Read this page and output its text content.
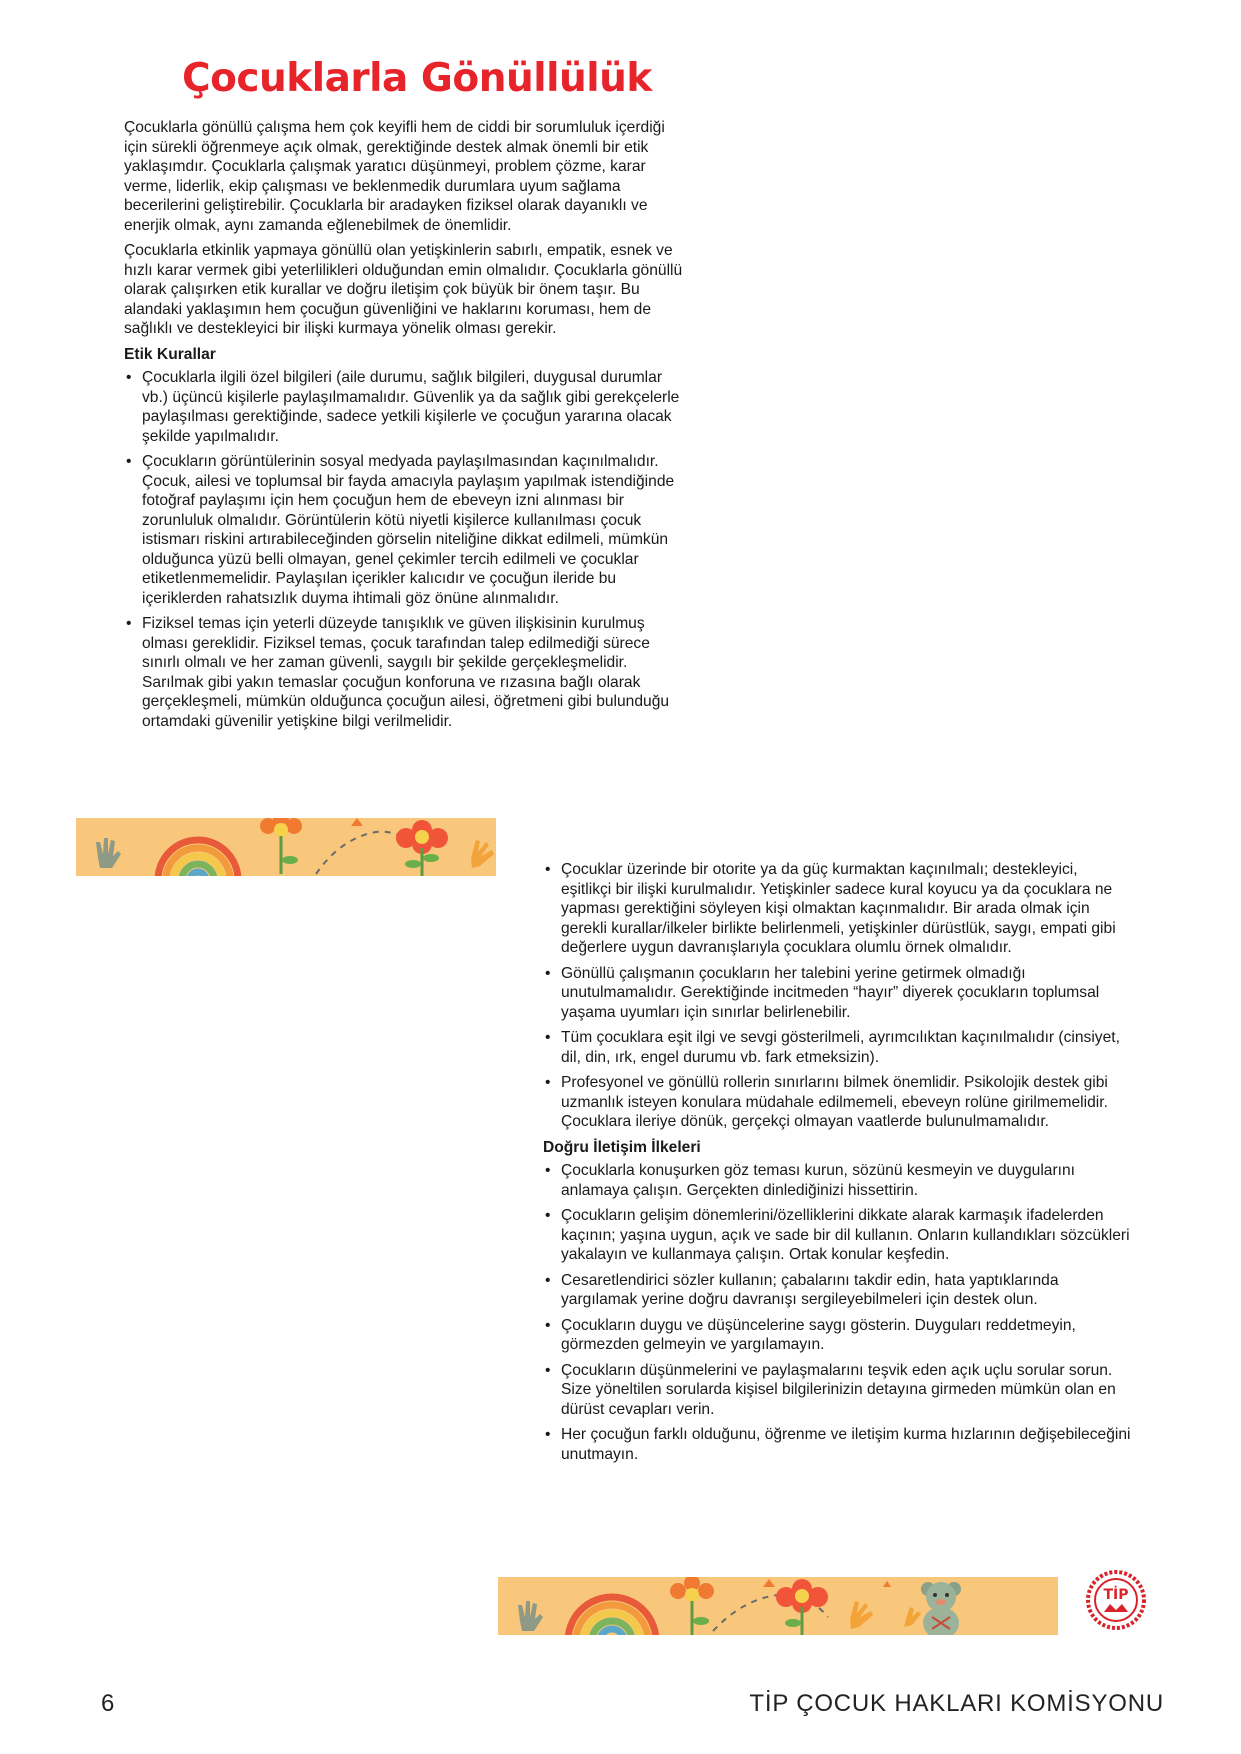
Çocuklarla Gönüllülük

Çocuklarla gönüllü çalışma hem çok keyifli hem de ciddi bir sorumluluk içerdiği için sürekli öğrenmeye açık olmak, gerektiğinde destek almak önemli bir etik yaklaşımdır. Çocuklarla çalışmak yaratıcı düşünmeyi, problem çözme, karar verme, liderlik, ekip çalışması ve beklenmedik durumlara uyum sağlama becerilerini geliştirebilir. Çocuklarla bir aradayken fiziksel olarak dayanıklı ve enerjik olmak, aynı zamanda eğlenebilmek de önemlidir.

Çocuklarla etkinlik yapmaya gönüllü olan yetişkinlerin sabırlı, empatik, esnek ve hızlı karar vermek gibi yeterlilikleri olduğundan emin olmalıdır. Çocuklarla gönüllü olarak çalışırken etik kurallar ve doğru iletişim çok büyük bir önem taşır. Bu alandaki yaklaşımın hem çocuğun güvenliğini ve haklarını koruması, hem de sağlıklı ve destekleyici bir ilişki kurmaya yönelik olması gerekir.

Etik Kurallar

• Çocuklarla ilgili özel bilgileri (aile durumu, sağlık bilgileri, duygusal durumlar vb.) üçüncü kişilerle paylaşılmamalıdır. Güvenlik ya da sağlık gibi gerekçelerle paylaşılması gerektiğinde, sadece yetkili kişilerle ve çocuğun yararına olacak şekilde yapılmalıdır.
• Çocukların görüntülerinin sosyal medyada paylaşılmasından kaçınılmalıdır. Çocuk, ailesi ve toplumsal bir fayda amacıyla paylaşım yapılmak istendiğinde fotoğraf paylaşımı için hem çocuğun hem de ebeveyn izni alınması bir zorunluluk olmalıdır. Görüntülerin kötü niyetli kişilerce kullanılması çocuk istismarı riskini artırabileceğinden görselin niteliğine dikkat edilmeli, mümkün olduğunca yüzü belli olmayan, genel çekimler tercih edilmeli ve çocuklar etiketlenmemelidir. Paylaşılan içerikler kalıcıdır ve çocuğun ileride bu içeriklerden rahatsızlık duyma ihtimali göz önüne alınmalıdır.
• Fiziksel temas için yeterli düzeyde tanışıklık ve güven ilişkisinin kurulmuş olması gereklidir. Fiziksel temas, çocuk tarafından talep edilmediği sürece sınırlı olmalı ve her zaman güvenli, saygılı bir şekilde gerçekleşmelidir. Sarılmak gibi yakın temaslar çocuğun konforuna ve rızasına bağlı olarak gerçekleşmeli, mümkün olduğunca çocuğun ailesi, öğretmeni gibi bulunduğu ortamdaki güvenilir yetişkine bilgi verilmelidir.
• Çocuklar üzerinde bir otorite ya da güç kurmaktan kaçınılmalı; destekleyici, eşitlikçi bir ilişki kurulmalıdır. Yetişkinler sadece kural koyucu ya da çocuklara ne yapması gerektiğini söyleyen kişi olmaktan kaçınmalıdır. Bir arada olmak için gerekli kurallar/ilkeler birlikte belirlenmeli, yetişkinler dürüstlük, saygı, empati gibi değerlere uygun davranışlarıyla çocuklara olumlu örnek olmalıdır.
• Gönüllü çalışmanın çocukların her talebini yerine getirmek olmadığı unutulmamalıdır. Gerektiğinde incitmeden “hayır” diyerek çocukların toplumsal yaşama uyumları için sınırlar belirlenebilir.
• Tüm çocuklara eşit ilgi ve sevgi gösterilmeli, ayrımcılıktan kaçınılmalıdır (cinsiyet, dil, din, ırk, engel durumu vb. fark etmeksizin).
• Profesyonel ve gönüllü rollerin sınırlarını bilmek önemlidir. Psikolojik destek gibi uzmanlık isteyen konulara müdahale edilmemeli, ebeveyn rolüne girilmemelidir. Çocuklara ileriye dönük, gerçekçi olmayan vaatlerde bulunulmamalıdır.

Doğru İletişim İlkeleri

• Çocuklarla konuşurken göz teması kurun, sözünü kesmeyin ve duygularını anlamaya çalışın. Gerçekten dinlediğinizi hissettirin.
• Çocukların gelişim dönemlerini/özelliklerini dikkate alarak karmaşık ifadelerden kaçının; yaşına uygun, açık ve sade bir dil kullanın. Onların kullandıkları sözcükleri yakalayın ve kullanmaya çalışın. Ortak konular keşfedin.
• Cesaretlendirici sözler kullanın; çabalarını takdir edin, hata yaptıklarında yargılamak yerine doğru davranışı sergileyebilmeleri için destek olun.
• Çocukların duygu ve düşüncelerine saygı gösterin. Duyguları reddetmeyin, görmezden gelmeyin ve yargılamayın.
• Çocukların düşünmelerini ve paylaşmalarını teşvik eden açık uçlu sorular sorun. Size yöneltilen sorularda kişisel bilgilerinizin detayına girmeden mümkün olan en dürüst cevapları verin.
• Her çocuğun farklı olduğunu, öğrenme ve iletişim kurma hızlarının değişebileceğini unutmayın.
TİP
6	TİP ÇOCUK HAKLARI KOMİSYONU
